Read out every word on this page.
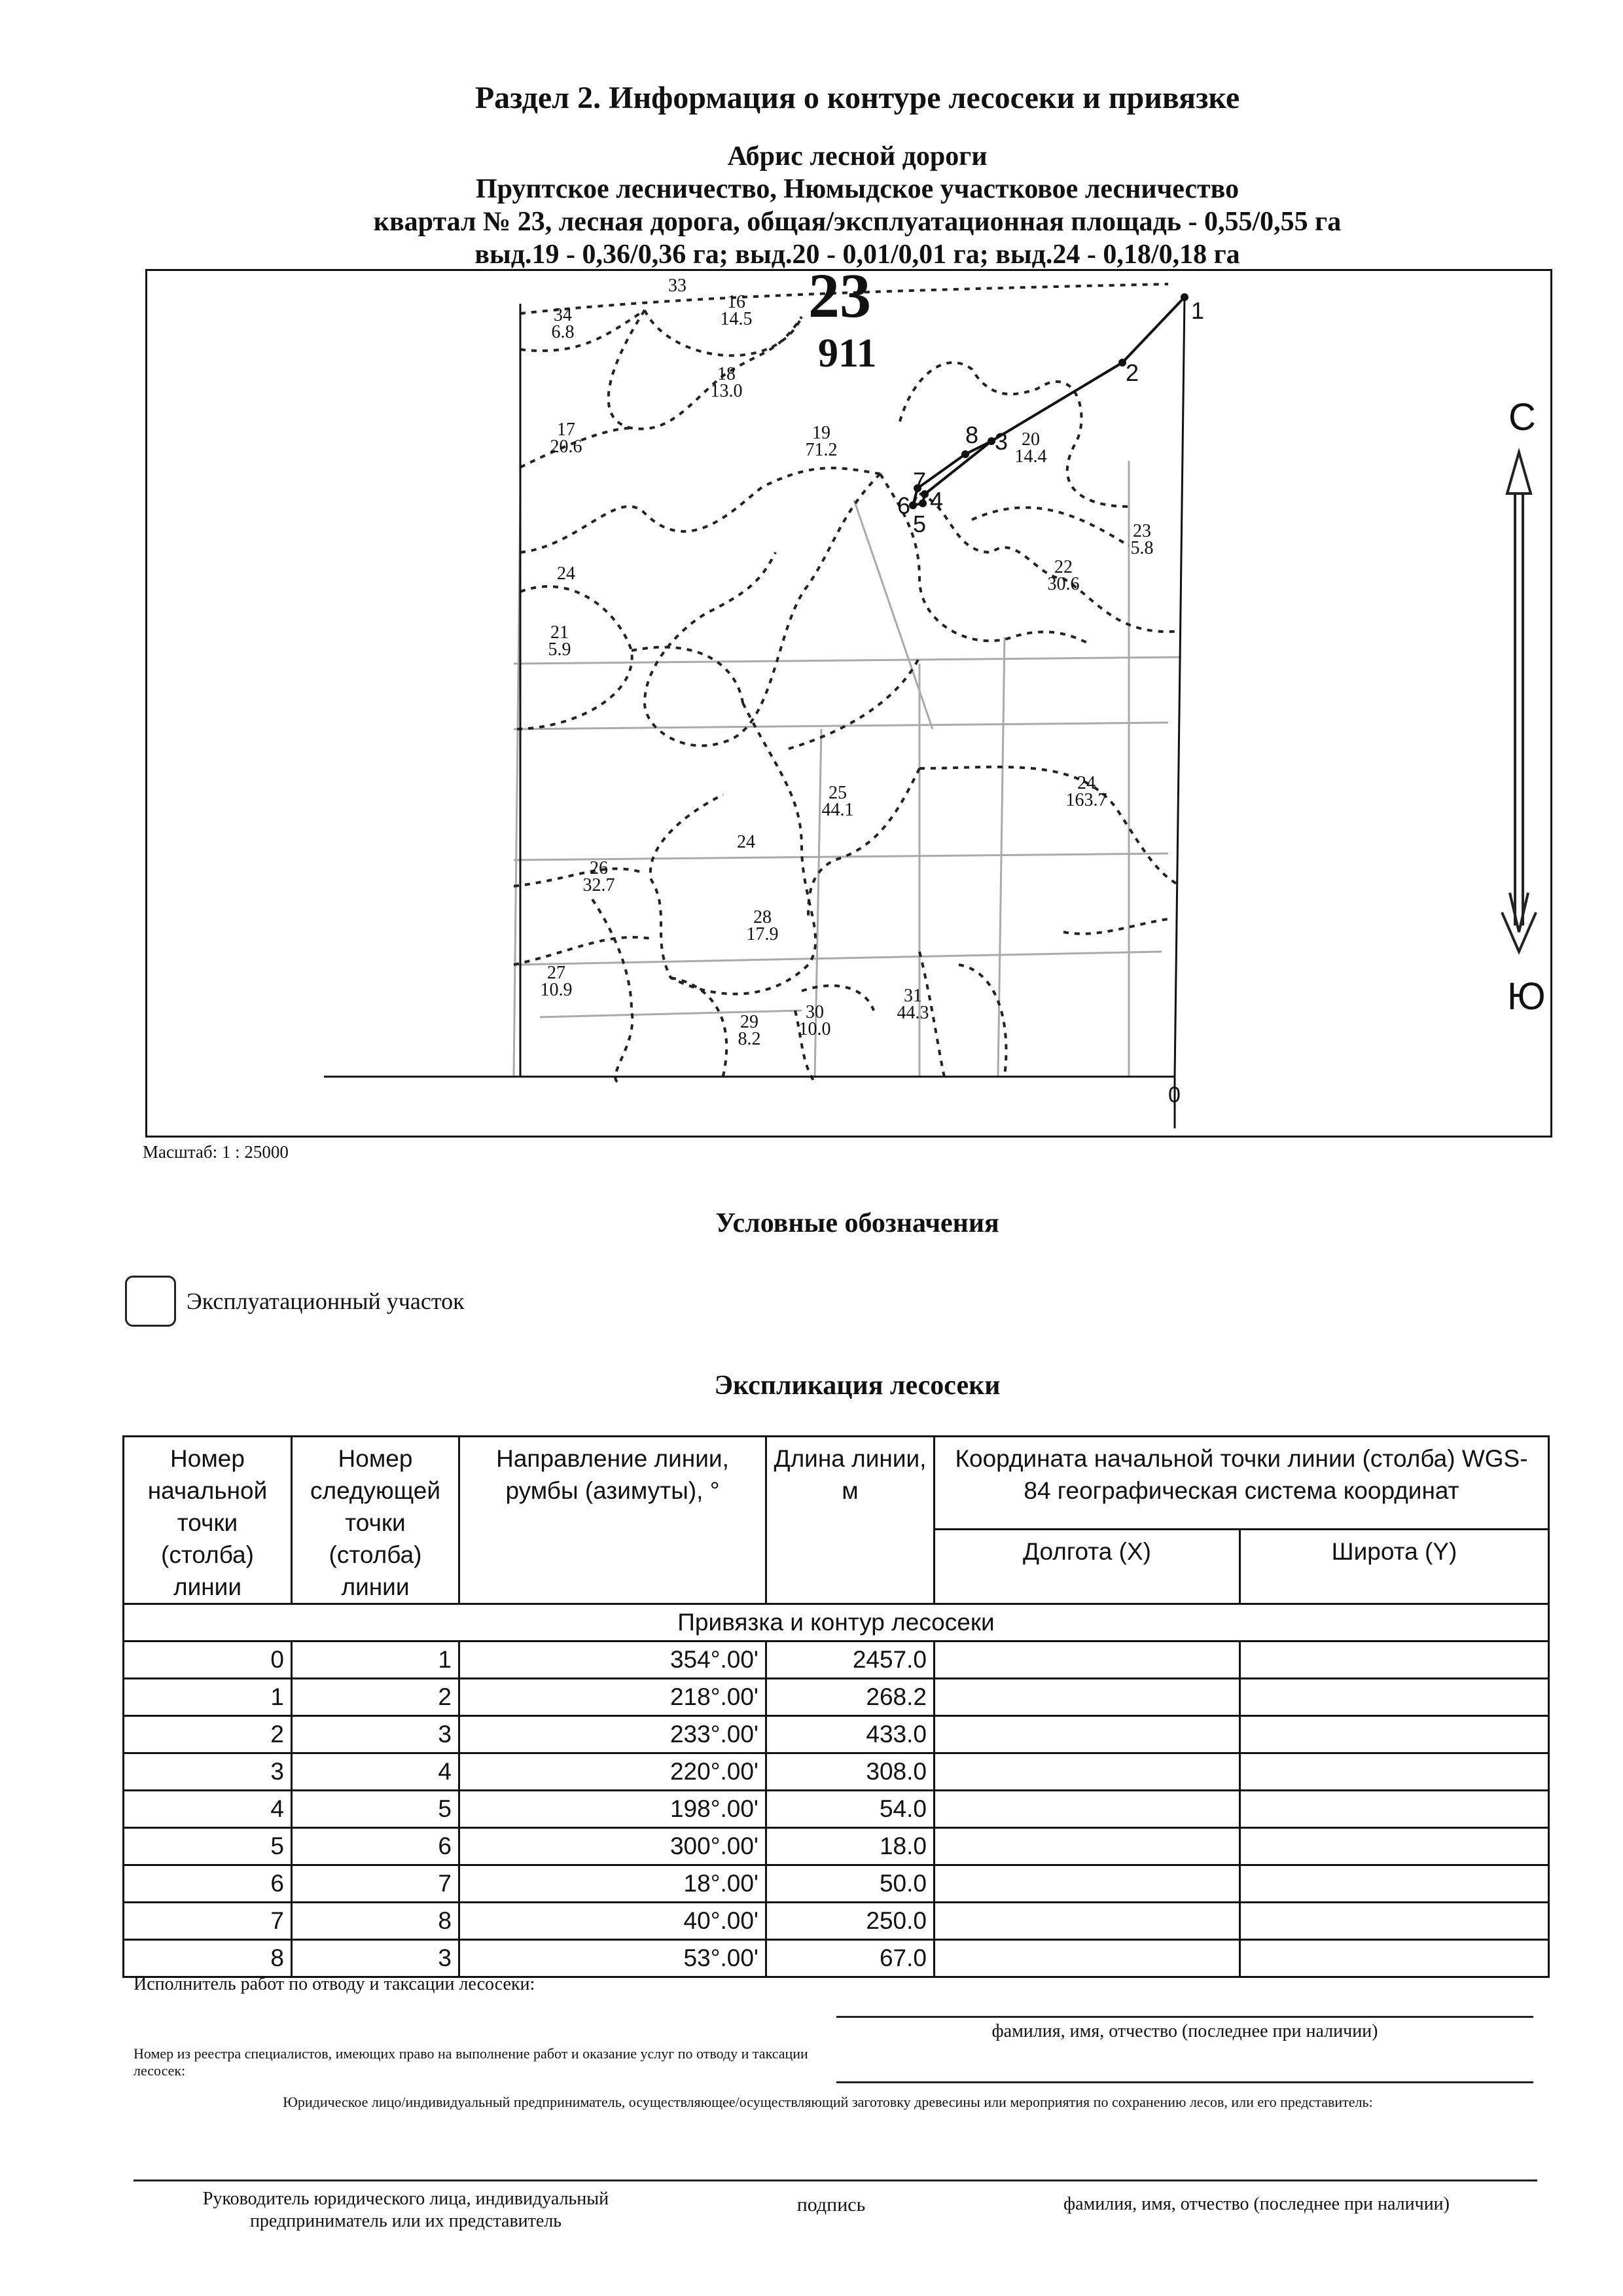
Раздел 2. Информация о контуре лесосеки и привязке
Абрис лесной дороги
Пруптское лесничество, Нюмыдское участковое лесничество
квартал № 23, лесная дорога, общая/эксплуатационная площадь - 0,55/0,55 га
выд.19 - 0,36/0,36 га; выд.20 - 0,01/0,01 га; выд.24 - 0,18/0,18 га
23
911
С
Ю
0
1
2
3
4
5
6
7
8
33
34
6.8
16
14.5
18
13.0
17
20.6
19
71.2
20
14.4
23
5.8
22
30.6
24
21
5.9
25
44.1
24
163.7
24
26
32.7
28
17.9
27
10.9
29
8.2
30
10.0
31
44.3
Масштаб: 1 : 25000
Условные обозначения
Эксплуатационный участок
Экспликация лесосеки
Номер начальной точки (столба) линии	Номер следующей точки (столба) линии	Направление линии, румбы (азимуты), °	Длина линии, м	Координата начальной точки линии (столба) WGS-84 географическая система координат	
				Долгота (X)	Широта (Y)
Привязка и контур лесосеки					
0	1	354°.00'	2457.0		
1	2	218°.00'	268.2		
2	3	233°.00'	433.0		
3	4	220°.00'	308.0		
4	5	198°.00'	54.0		
5	6	300°.00'	18.0		
6	7	18°.00'	50.0		
7	8	40°.00'	250.0		
8	3	53°.00'	67.0		
Исполнитель работ по отводу и таксации лесосеки:
фамилия, имя, отчество (последнее при наличии)
Номер из реестра специалистов, имеющих право на выполнение работ и оказание услуг по отводу и таксации лесосек:
Юридическое лицо/индивидуальный предприниматель, осуществляющее/осуществляющий заготовку древесины или мероприятия по сохранению лесов, или его представитель:
Руководитель юридического лица, индивидуальный предприниматель или их представитель
подпись	фамилия, имя, отчество (последнее при наличии)
